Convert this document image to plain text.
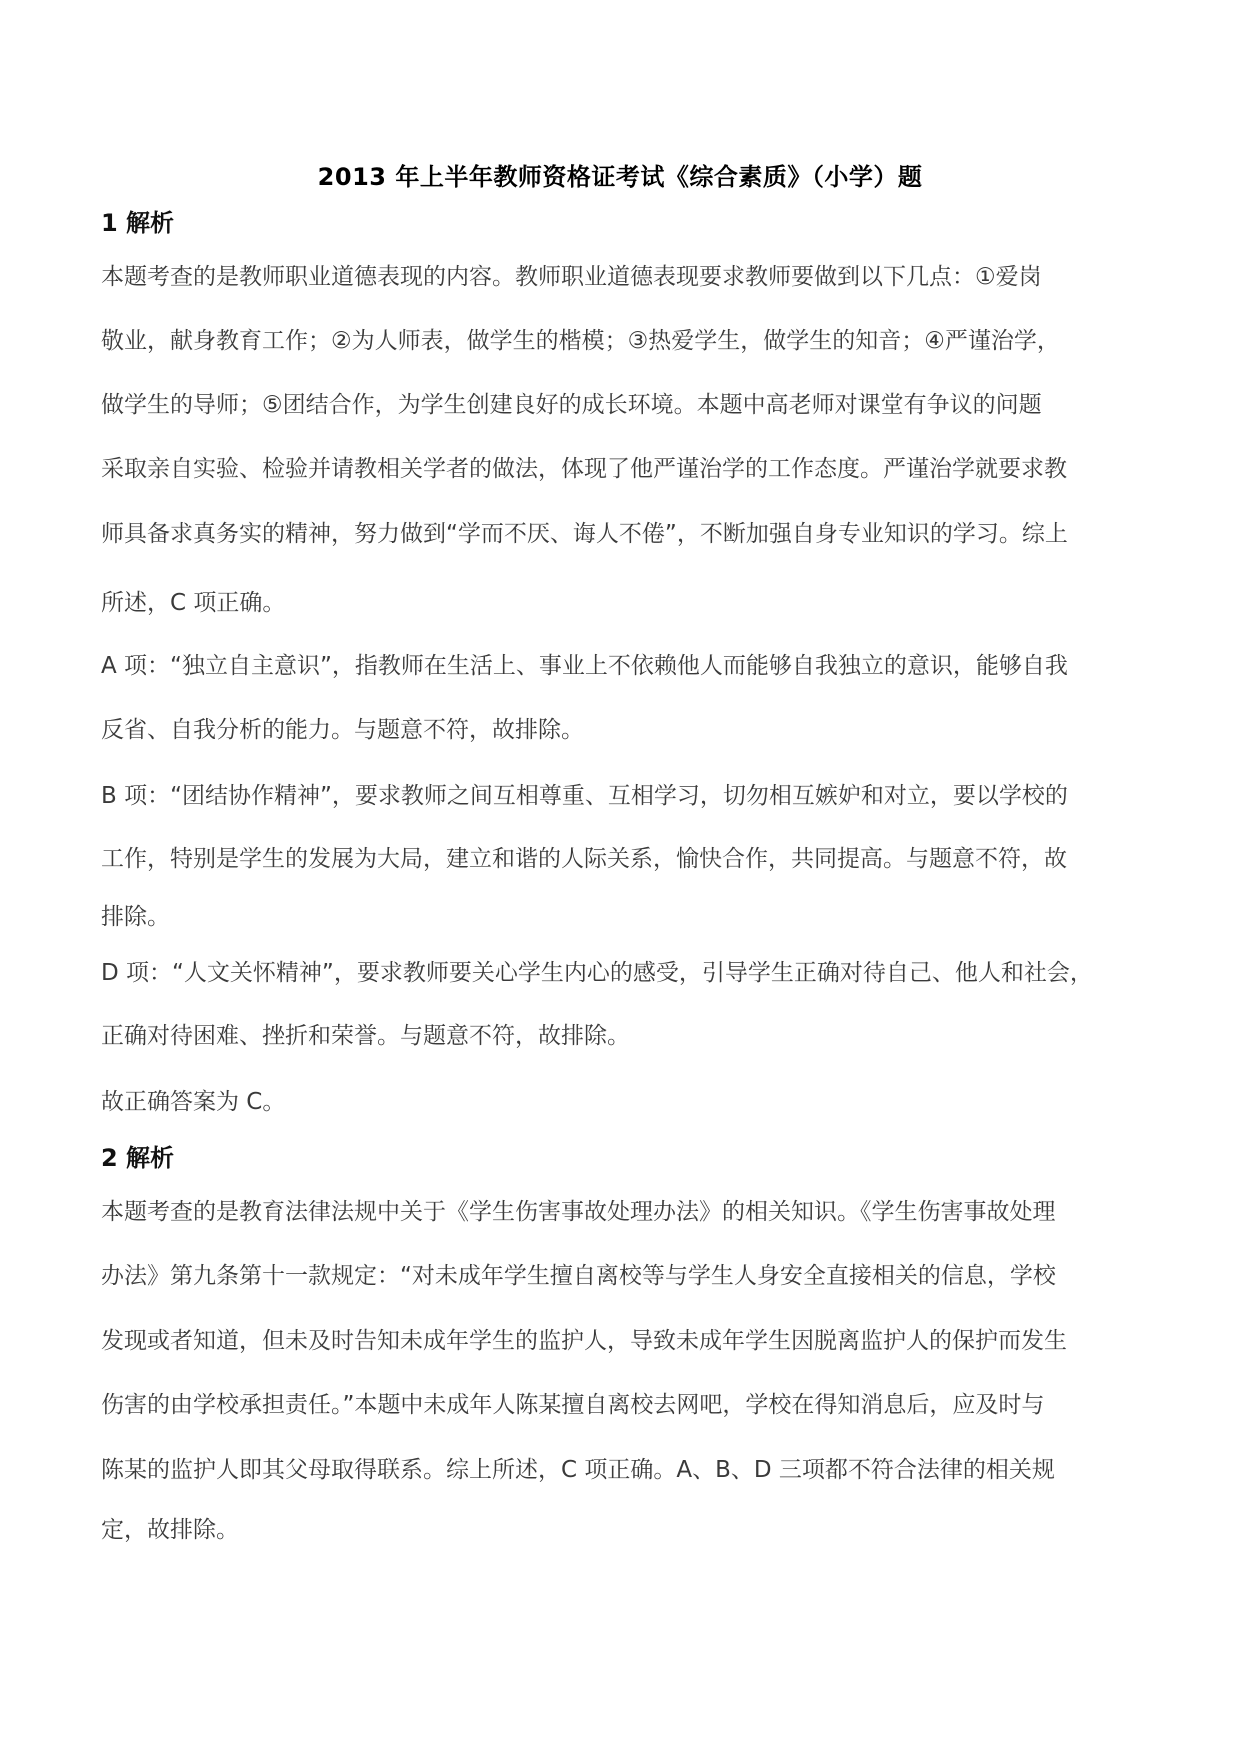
2013 年上半年教师资格证考试《综合素质》（小学）题
1 解析
本题考查的是教师职业道德表现的内容。教师职业道德表现要求教师要做到以下几点：①爱岗
敬业，献身教育工作；②为人师表，做学生的楷模；③热爱学生，做学生的知音；④严谨治学，
做学生的导师；⑤团结合作，为学生创建良好的成长环境。本题中高老师对课堂有争议的问题
采取亲自实验、检验并请教相关学者的做法，体现了他严谨治学的工作态度。严谨治学就要求教
师具备求真务实的精神，努力做到“学而不厌、诲人不倦”，不断加强自身专业知识的学习。综上
所述，C 项正确。
A 项：“独立自主意识”，指教师在生活上、事业上不依赖他人而能够自我独立的意识，能够自我
反省、自我分析的能力。与题意不符，故排除。
B 项：“团结协作精神”，要求教师之间互相尊重、互相学习，切勿相互嫉妒和对立，要以学校的
工作，特别是学生的发展为大局，建立和谐的人际关系，愉快合作，共同提高。与题意不符，故
排除。
D 项：“人文关怀精神”，要求教师要关心学生内心的感受，引导学生正确对待自己、他人和社会，
正确对待困难、挫折和荣誉。与题意不符，故排除。
故正确答案为 C。
2 解析
本题考查的是教育法律法规中关于《学生伤害事故处理办法》的相关知识。《学生伤害事故处理
办法》第九条第十一款规定：“对未成年学生擅自离校等与学生人身安全直接相关的信息，学校
发现或者知道，但未及时告知未成年学生的监护人，导致未成年学生因脱离监护人的保护而发生
伤害的由学校承担责任。”本题中未成年人陈某擅自离校去网吧，学校在得知消息后，应及时与
陈某的监护人即其父母取得联系。综上所述，C 项正确。A、B、D 三项都不符合法律的相关规
定，故排除。
